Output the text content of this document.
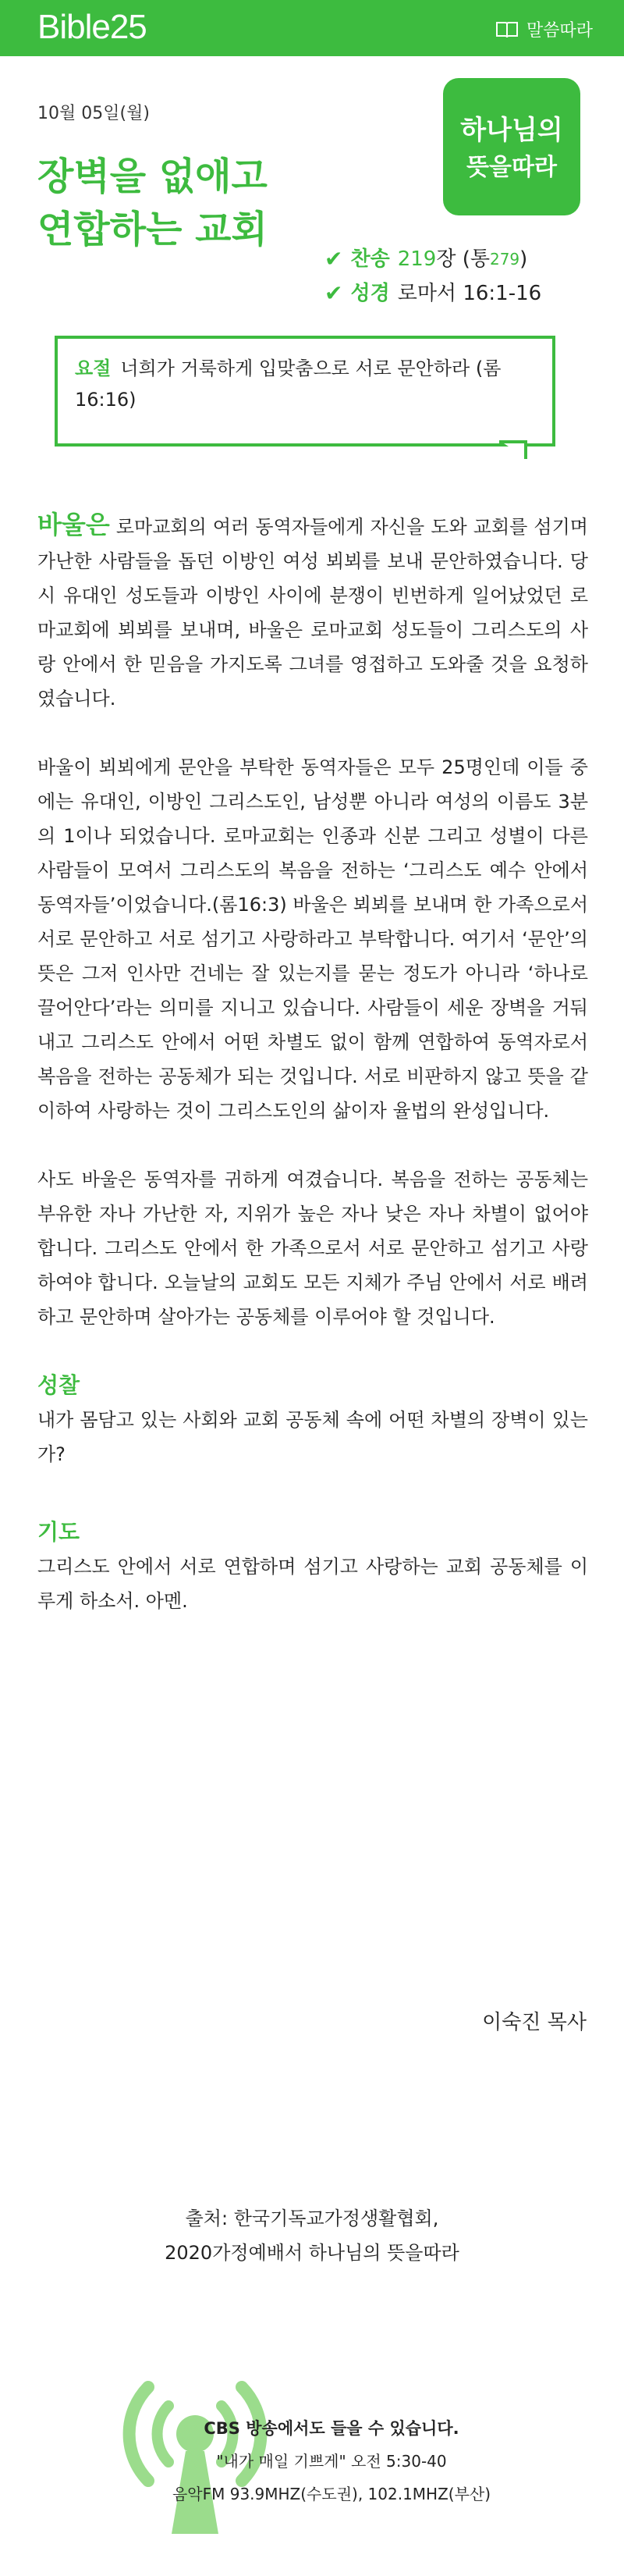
Bible25	말씀따라
10월 05일(월)
장벽을 없애고
연합하는 교회
하나님의
뜻을따라
✔ 찬송 219 장 (통 279 )
✔ 성경 로마서 16:1-16
요절 너희가 거룩하게 입맞춤으로 서로 문안하라 (롬16:16)

바울은 로마교회의 여러 동역자들에게 자신을 도와 교회를 섬기며 가난한 사람들을 돕던 이방인 여성 뵈뵈를 보내 문안하였습니다. 당시 유대인 성도들과 이방인 사이에 분쟁이 빈번하게 일어났었던 로마교회에 뵈뵈를 보내며, 바울은 로마교회 성도들이 그리스도의 사랑 안에서 한 믿음을 가지도록 그녀를 영접하고 도와줄 것을 요청하였습니다.

바울이 뵈뵈에게 문안을 부탁한 동역자들은 모두 25명인데 이들 중에는 유대인, 이방인 그리스도인, 남성뿐 아니라 여성의 이름도 3분의 1이나 되었습니다. 로마교회는 인종과 신분 그리고 성별이 다른 사람들이 모여서 그리스도의 복음을 전하는 ‘그리스도 예수 안에서 동역자들’이었습니다.(롬16:3) 바울은 뵈뵈를 보내며 한 가족으로서 서로 문안하고 서로 섬기고 사랑하라고 부탁합니다. 여기서 ‘문안’의 뜻은 그저 인사만 건네는 잘 있는지를 묻는 정도가 아니라 ‘하나로 끌어안다’라는 의미를 지니고 있습니다. 사람들이 세운 장벽을 거둬내고 그리스도 안에서 어떤 차별도 없이 함께 연합하여 동역자로서 복음을 전하는 공동체가 되는 것입니다. 서로 비판하지 않고 뜻을 같이하여 사랑하는 것이 그리스도인의 삶이자 율법의 완성입니다.

사도 바울은 동역자를 귀하게 여겼습니다. 복음을 전하는 공동체는 부유한 자나 가난한 자, 지위가 높은 자나 낮은 자나 차별이 없어야 합니다. 그리스도 안에서 한 가족으로서 서로 문안하고 섬기고 사랑하여야 합니다. 오늘날의 교회도 모든 지체가 주님 안에서 서로 배려하고 문안하며 살아가는 공동체를 이루어야 할 것입니다.

성찰

내가 몸담고 있는 사회와 교회 공동체 속에 어떤 차별의 장벽이 있는가?

기도

그리스도 안에서 서로 연합하며 섬기고 사랑하는 교회 공동체를 이루게 하소서. 아멘.

이숙진 목사
출처: 한국기독교가정생활협회,
2020가정예배서 하나님의 뜻을따라
CBS 방송에서도 들을 수 있습니다.
"내가 매일 기쁘게" 오전 5:30-40
음악FM 93.9MHZ(수도권), 102.1MHZ(부산)
